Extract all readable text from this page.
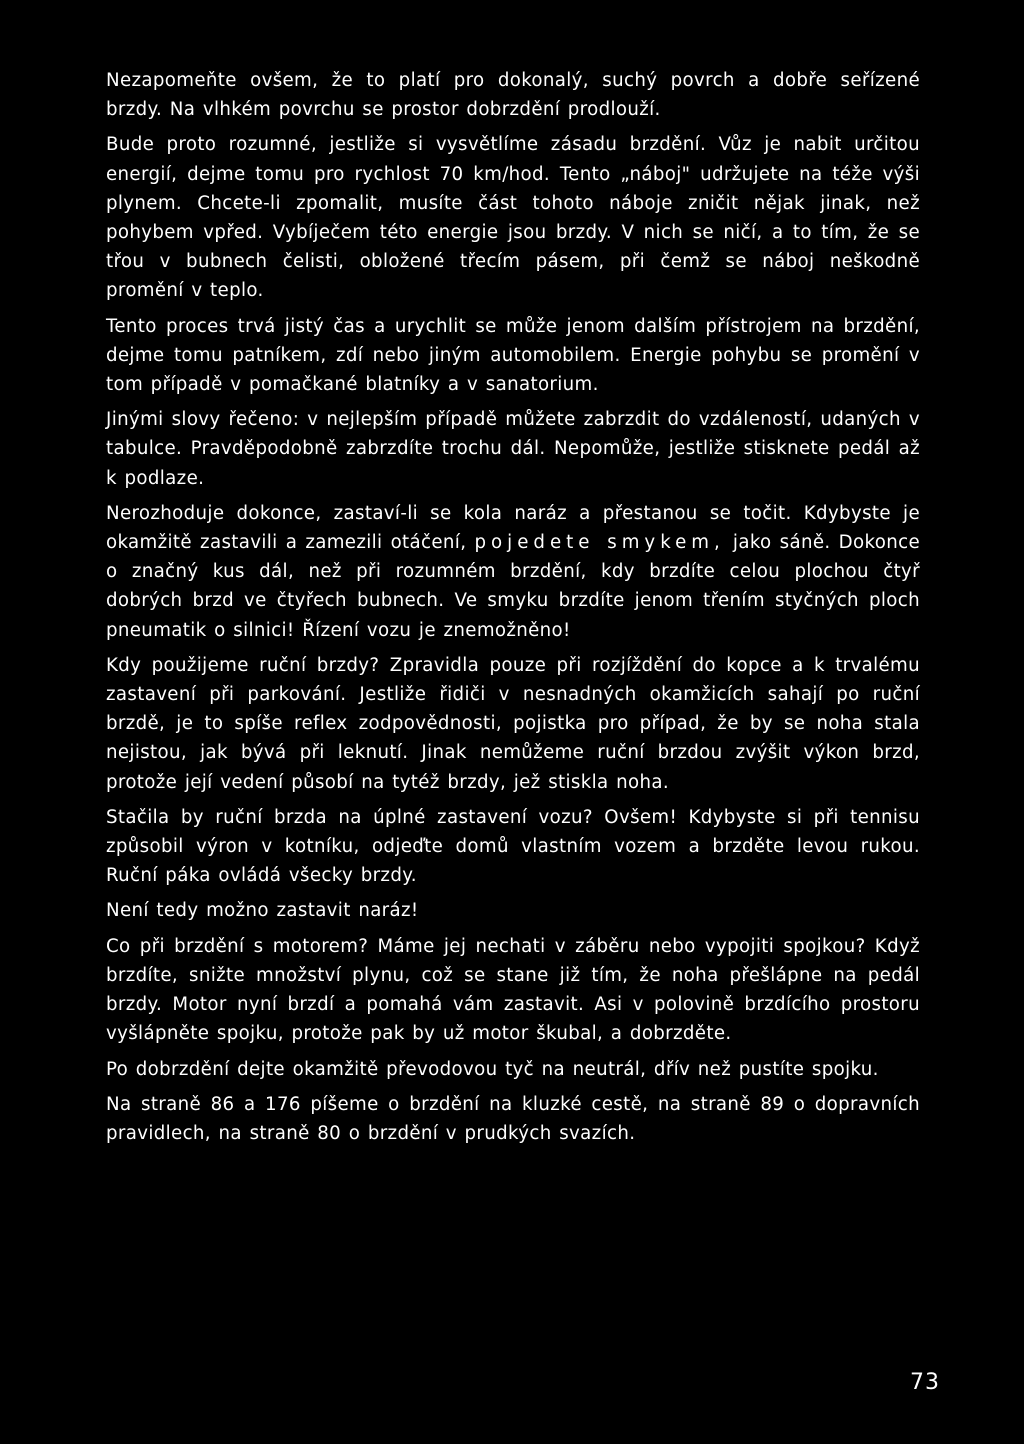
Nezapomeňte ovšem, že to platí pro dokonalý, suchý povrch a dobře seřízené brzdy. Na vlhkém povrchu se prostor dobrzdění prodlouží.

Bude proto rozumné, jestliže si vysvětlíme zásadu brzdění. Vůz je nabit určitou energií, dejme tomu pro rychlost 70 km/hod. Tento „náboj" udržujete na téže výši plynem. Chcete-li zpomalit, musíte část tohoto náboje zničit nějak jinak, než pohybem vpřed. Vybíječem této energie jsou brzdy. V nich se ničí, a to tím, že se třou v bubnech čelisti, obložené třecím pásem, při čemž se náboj neškodně promění v teplo.

Tento proces trvá jistý čas a urychlit se může jenom dalším přístrojem na brzdění, dejme tomu patníkem, zdí nebo jiným automobilem. Energie pohybu se promění v tom případě v pomačkané blatníky a v sanatorium.

Jinými slovy řečeno: v nejlepším případě můžete zabrzdit do vzdáleností, udaných v tabulce. Pravděpodobně zabrzdíte trochu dál. Nepomůže, jestliže stisknete pedál až k podlaze.

Nerozhoduje dokonce, zastaví-li se kola naráz a přestanou se točit. Kdybyste je okamžitě zastavili a zamezili otáčení, pojedete smykem, jako sáně. Dokonce o značný kus dál, než při rozumném brzdění, kdy brzdíte celou plochou čtyř dobrých brzd ve čtyřech bubnech. Ve smyku brzdíte jenom třením styčných ploch pneumatik o silnici! Řízení vozu je znemožněno!

Kdy použijeme ruční brzdy? Zpravidla pouze při rozjíždění do kopce a k trvalému zastavení při parkování. Jestliže řidiči v nesnadných okamžicích sahají po ruční brzdě, je to spíše reflex zodpovědnosti, pojistka pro případ, že by se noha stala nejistou, jak bývá při leknutí. Jinak nemůžeme ruční brzdou zvýšit výkon brzd, protože její vedení působí na tytéž brzdy, jež stiskla noha.

Stačila by ruční brzda na úplné zastavení vozu? Ovšem! Kdybyste si při tennisu způsobil výron v kotníku, odjeďte domů vlastním vozem a brzděte levou rukou. Ruční páka ovládá všecky brzdy.

Není tedy možno zastavit naráz!

Co při brzdění s motorem? Máme jej nechati v záběru nebo vypojiti spojkou? Když brzdíte, snižte množství plynu, což se stane již tím, že noha přešlápne na pedál brzdy. Motor nyní brzdí a pomahá vám zastavit. Asi v polovině brzdícího prostoru vyšlápněte spojku, protože pak by už motor škubal, a dobrzděte.

Po dobrzdění dejte okamžitě převodovou tyč na neutrál, dřív než pustíte spojku.

Na straně 86 a 176 píšeme o brzdění na kluzké cestě, na straně 89 o dopravních pravidlech, na straně 80 o brzdění v prudkých svazích.

73
